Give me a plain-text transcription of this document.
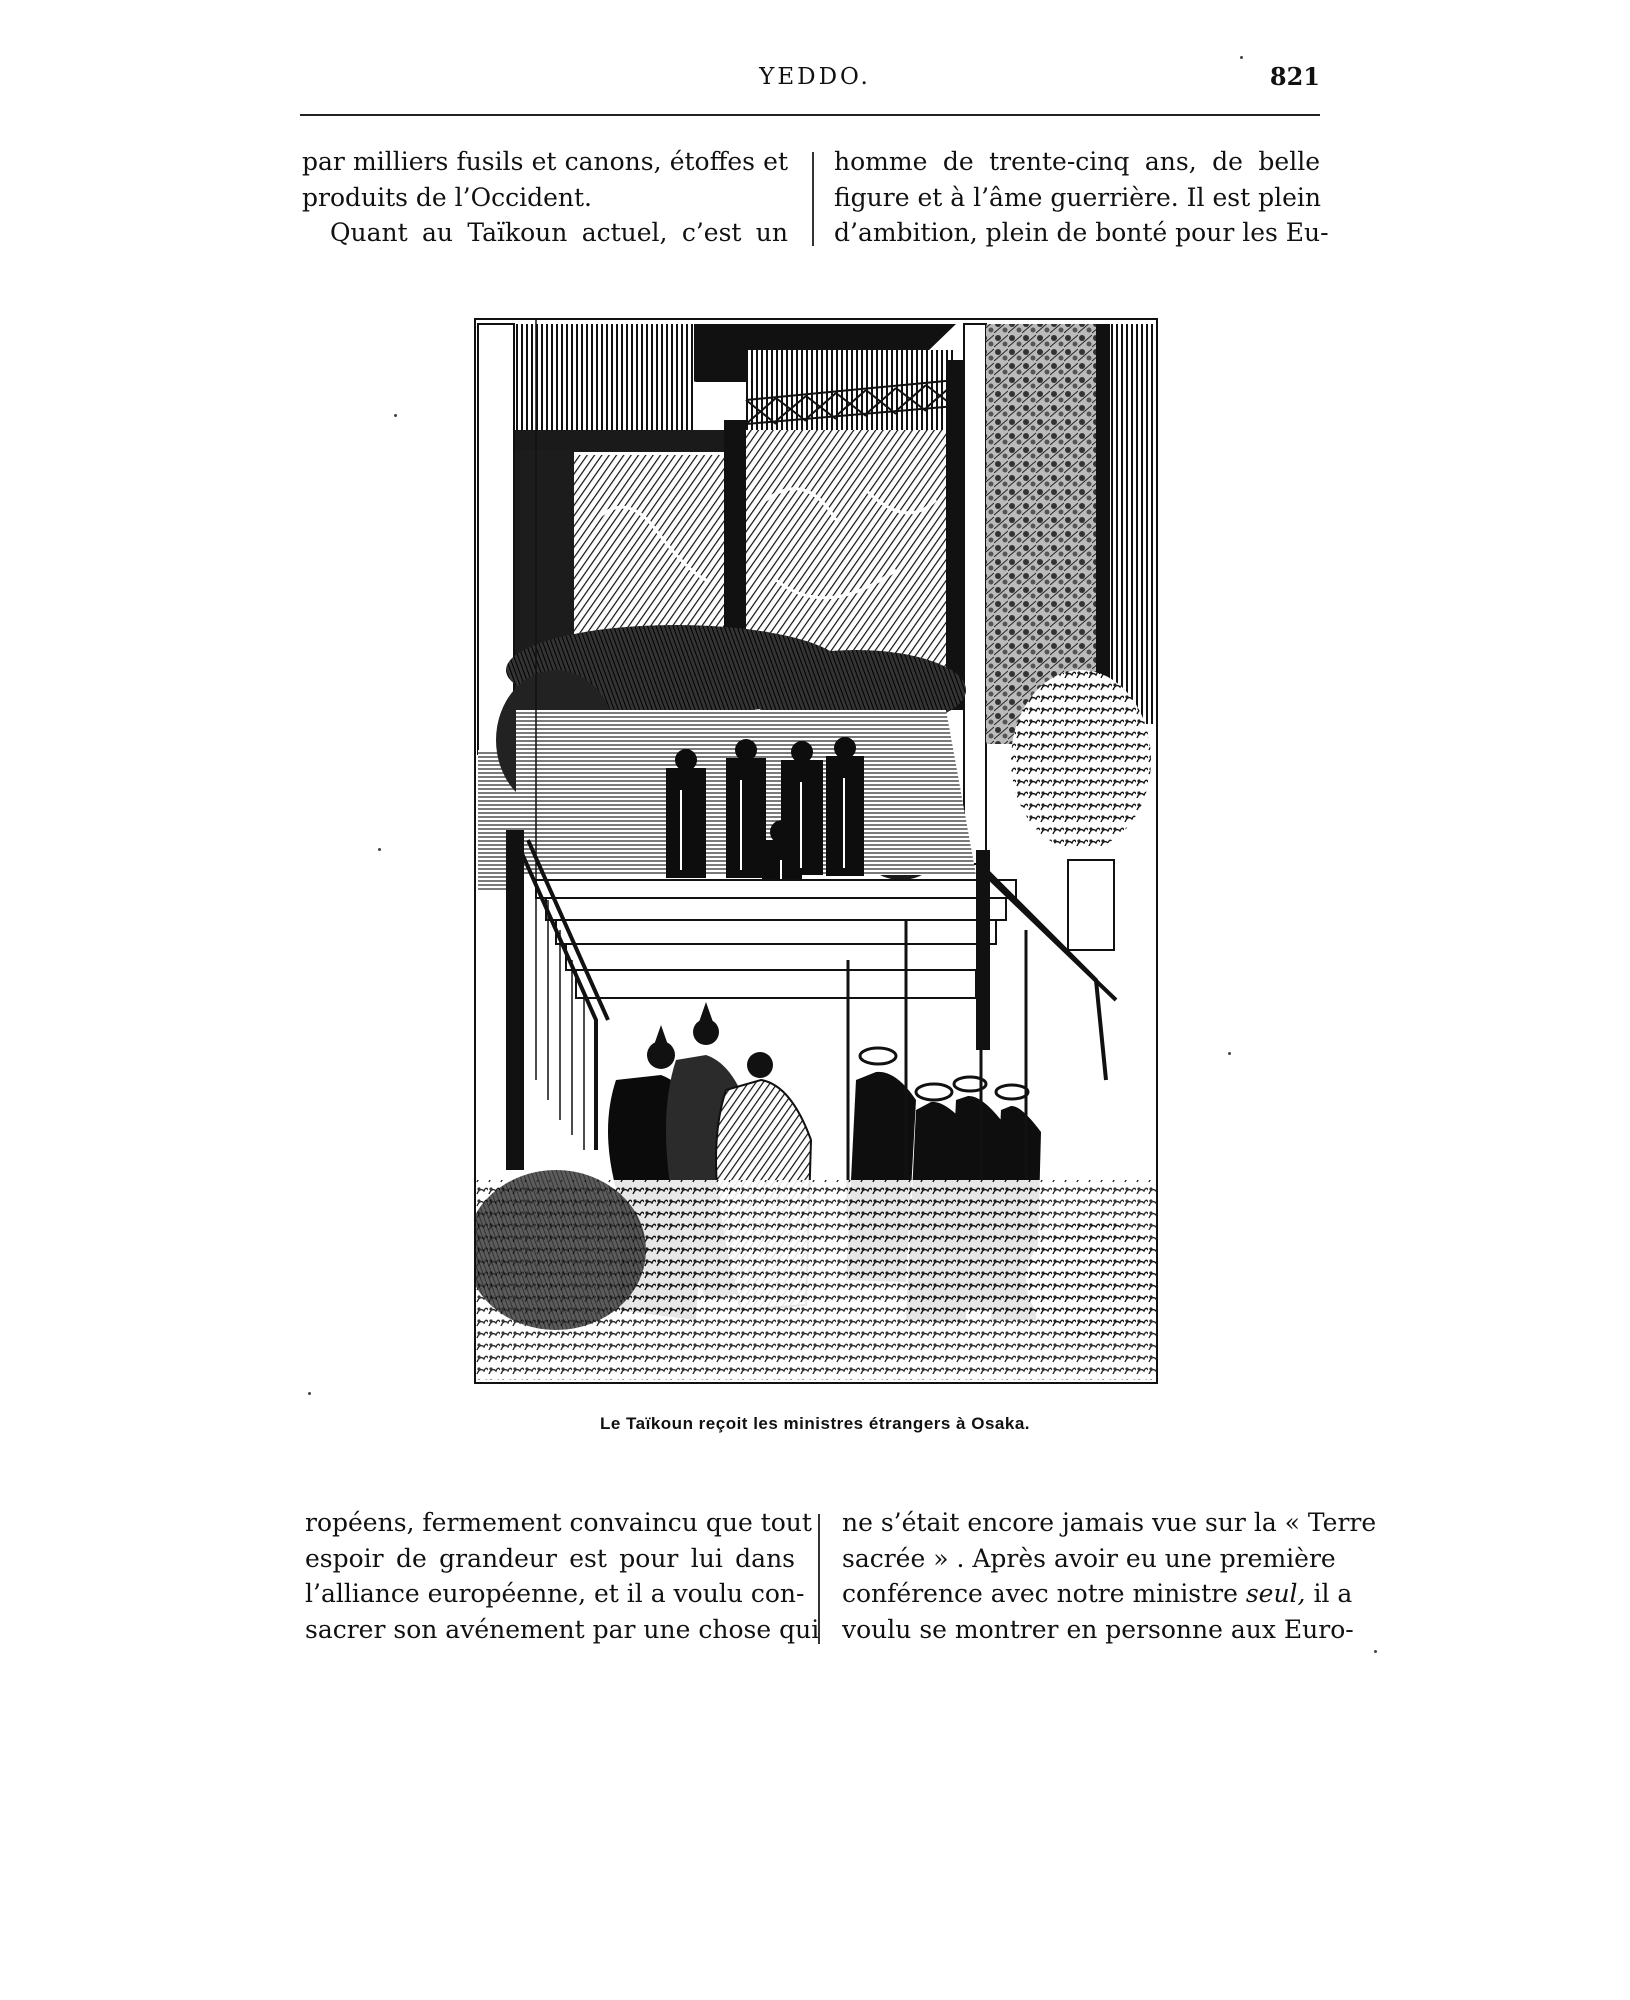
YEDDO.	821
par milliers fusils et canons, étoffes et
produits de l’Occident.
Quant au Taïkoun actuel, c’est un
homme de trente-cinq ans, de belle
figure et à l’âme guerrière. Il est plein
d’ambition, plein de bonté pour les Eu-
Le Taïkoun reçoit les ministres étrangers à Osaka.
ropéens, fermement convaincu que tout
espoir de grandeur est pour lui dans
l’alliance européenne, et il a voulu con-
sacrer son avénement par une chose qui
ne s’était encore jamais vue sur la « Terre
sacrée » . Après avoir eu une première
conférence avec notre ministre seul, il a
voulu se montrer en personne aux Euro-
